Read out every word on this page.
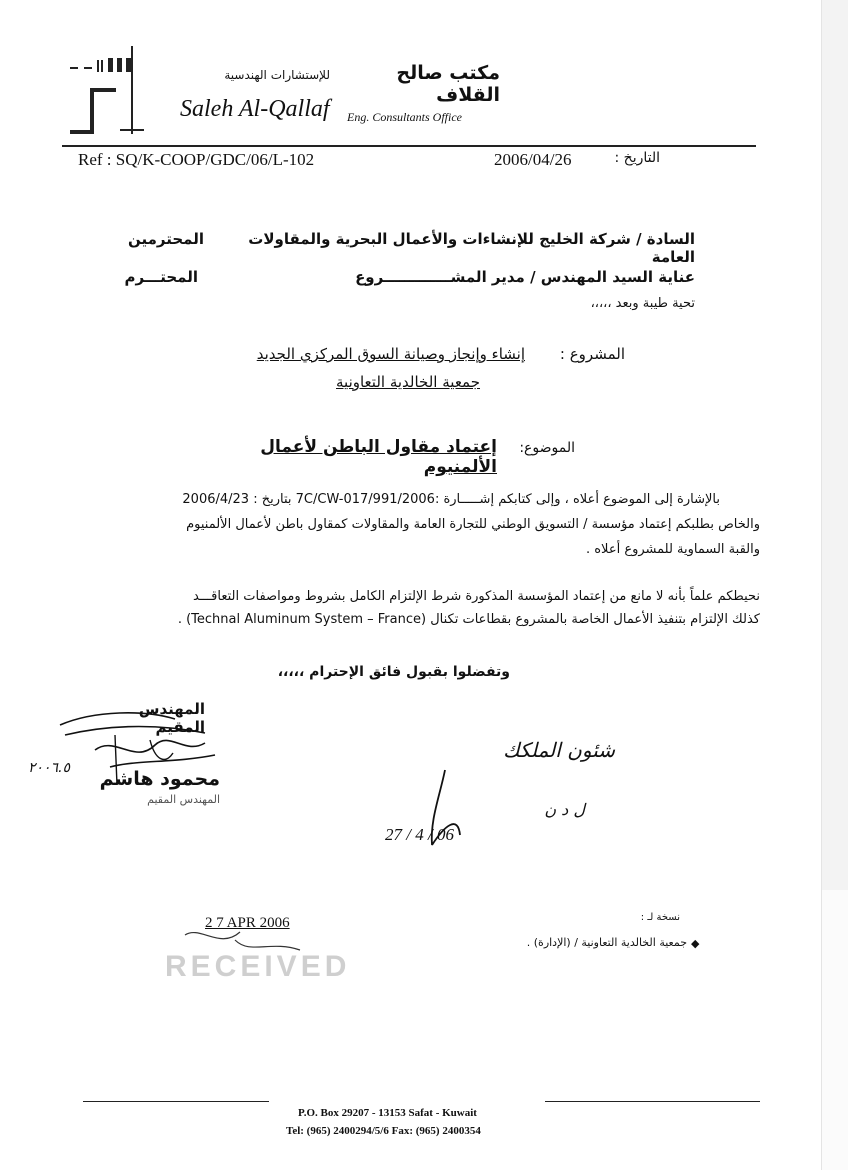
مكتب صالح القلاف
للإستشارات الهندسية
Saleh Al-Qallaf Eng. Consultants Office
Ref : SQ/K-COOP/GDC/06/L-102	2006/04/26	التاريخ :
السادة / شركة الخليج للإنشاءات والأعمال البحرية والمقاولات العامة
المحترمين
عناية السيد المهندس / مدير المشـــــــــــــروع
المحتـــرم
تحية طيبة وبعد ،،،،،
المشروع :
إنشاء وإنجاز وصيانة السوق المركزي الجديد
جمعية الخالدية التعاونية
الموضوع:
إعتماد مقاول الباطن لأعمال الألمنيوم
بالإشارة إلى الموضوع أعلاه ، وإلى كتابكم إشـــــارة :7C/CW-017/991/2006 بتاريخ : 2006/4/23
والخاص بطلبكم إعتماد مؤسسة / التسويق الوطني للتجارة العامة والمقاولات كمقاول باطن لأعمال الألمنيوم
والقبة السماوية للمشروع أعلاه .
نحيطكم علماً بأنه لا مانع من إعتماد المؤسسة المذكورة شرط الإلتزام الكامل بشروط ومواصفات التعاقـــد
كذلك الإلتزام بتنفيذ الأعمال الخاصة بالمشروع بقطاعات تكنال (Technal Aluminum System – France) .
وتفضلوا بقبول فائق الإحترام ،،،،،
المهندس المقيم
٢٠٠٦.٥	محمود هاشم
المهندس المقيم
شئون الملكك
ل د ن
27 / 4 / 06
2 7 APR 2006
RECEIVED
نسخة لـ :
◆
جمعية الخالدية التعاونية / (الإدارة) .
P.O. Box 29207 - 13153 Safat - Kuwait
Tel: (965) 2400294/5/6 Fax: (965) 2400354
